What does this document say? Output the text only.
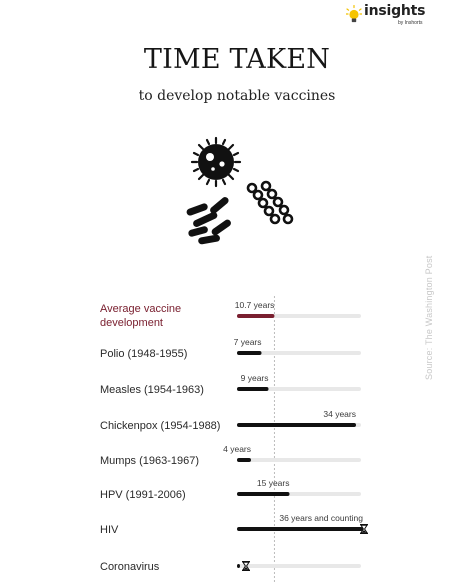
insights
by Inshorts
TIME TAKEN
to develop notable vaccines
Source: The Washington Post
Average vaccine development
10.7 years
Polio (1948-1955)
7 years
Measles (1954-1963)
9 years
Chickenpox (1954-1988)
34 years
Mumps (1963-1967)
4 years
HPV (1991-2006)
15 years
HIV
36 years and counting
Coronavirus
